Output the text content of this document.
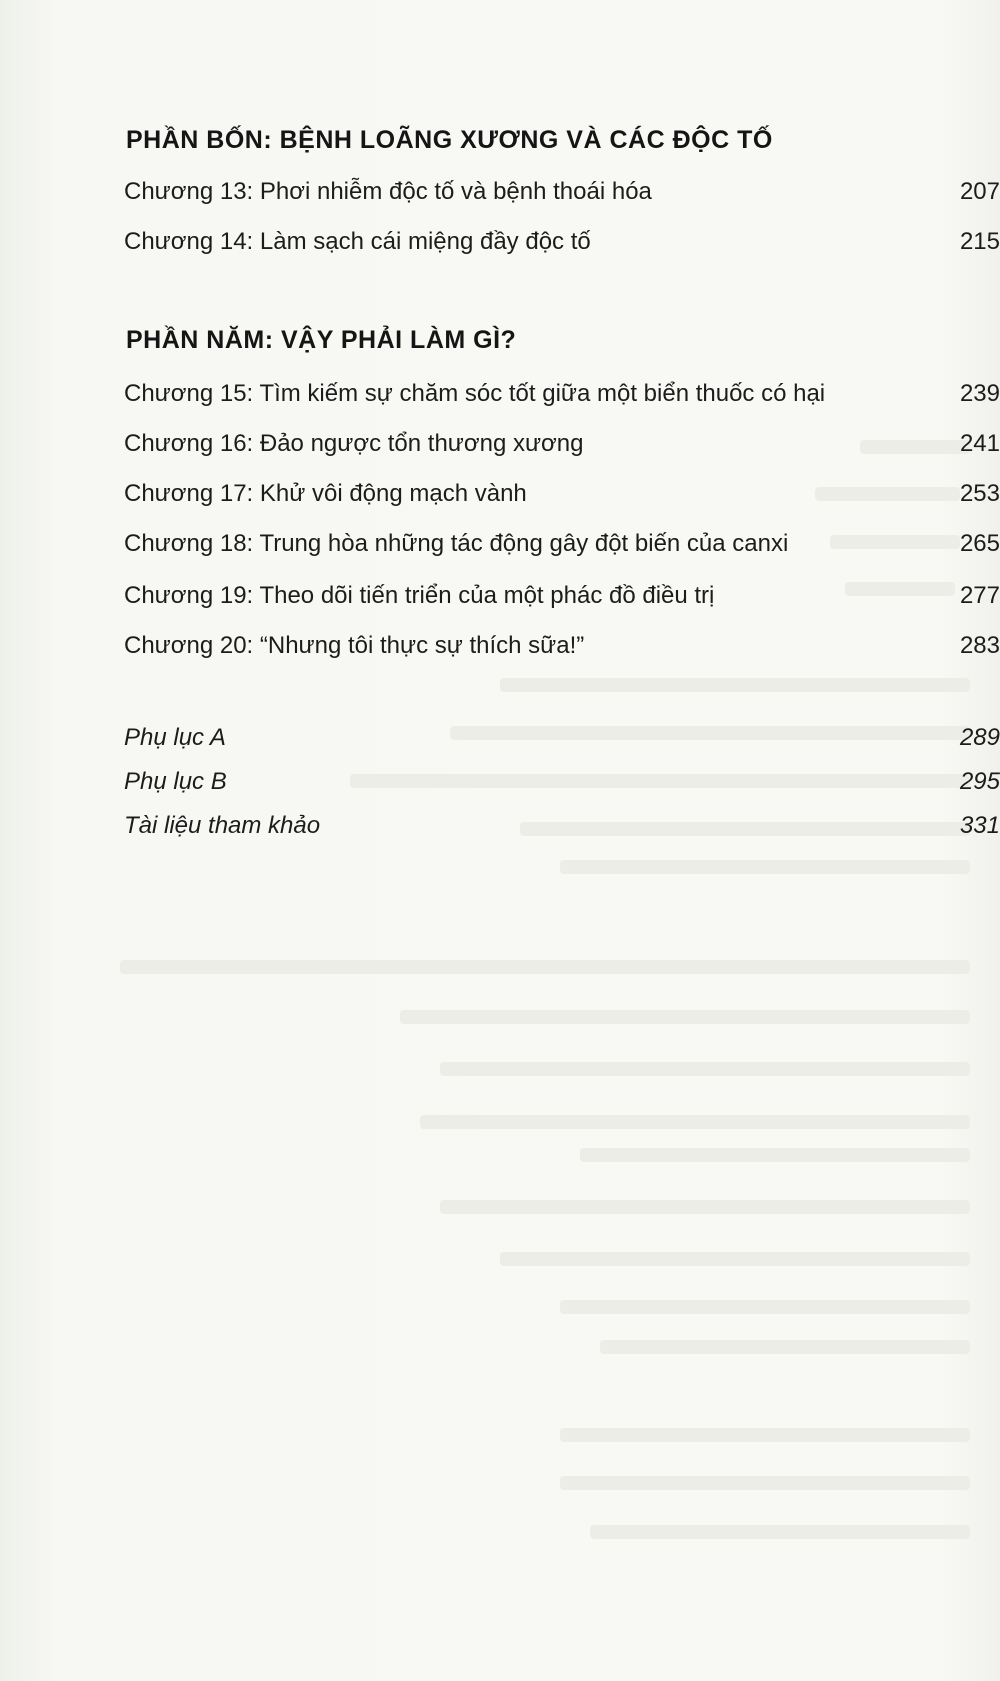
PHẦN BỐN: BỆNH LOÃNG XƯƠNG VÀ CÁC ĐỘC TỐ
Chương 13: Phơi nhiễm độc tố và bệnh thoái hóa	207
Chương 14: Làm sạch cái miệng đầy độc tố	215
PHẦN NĂM: VẬY PHẢI LÀM GÌ?
Chương 15: Tìm kiếm sự chăm sóc tốt giữa một biển thuốc có hại	239
Chương 16: Đảo ngược tổn thương xương	241
Chương 17: Khử vôi động mạch vành	253
Chương 18: Trung hòa những tác động gây đột biến của canxi	265
Chương 19: Theo dõi tiến triển của một phác đồ điều trị	277
Chương 20: “Nhưng tôi thực sự thích sữa!”	283
Phụ lục A	289
Phụ lục B	295
Tài liệu tham khảo	331
